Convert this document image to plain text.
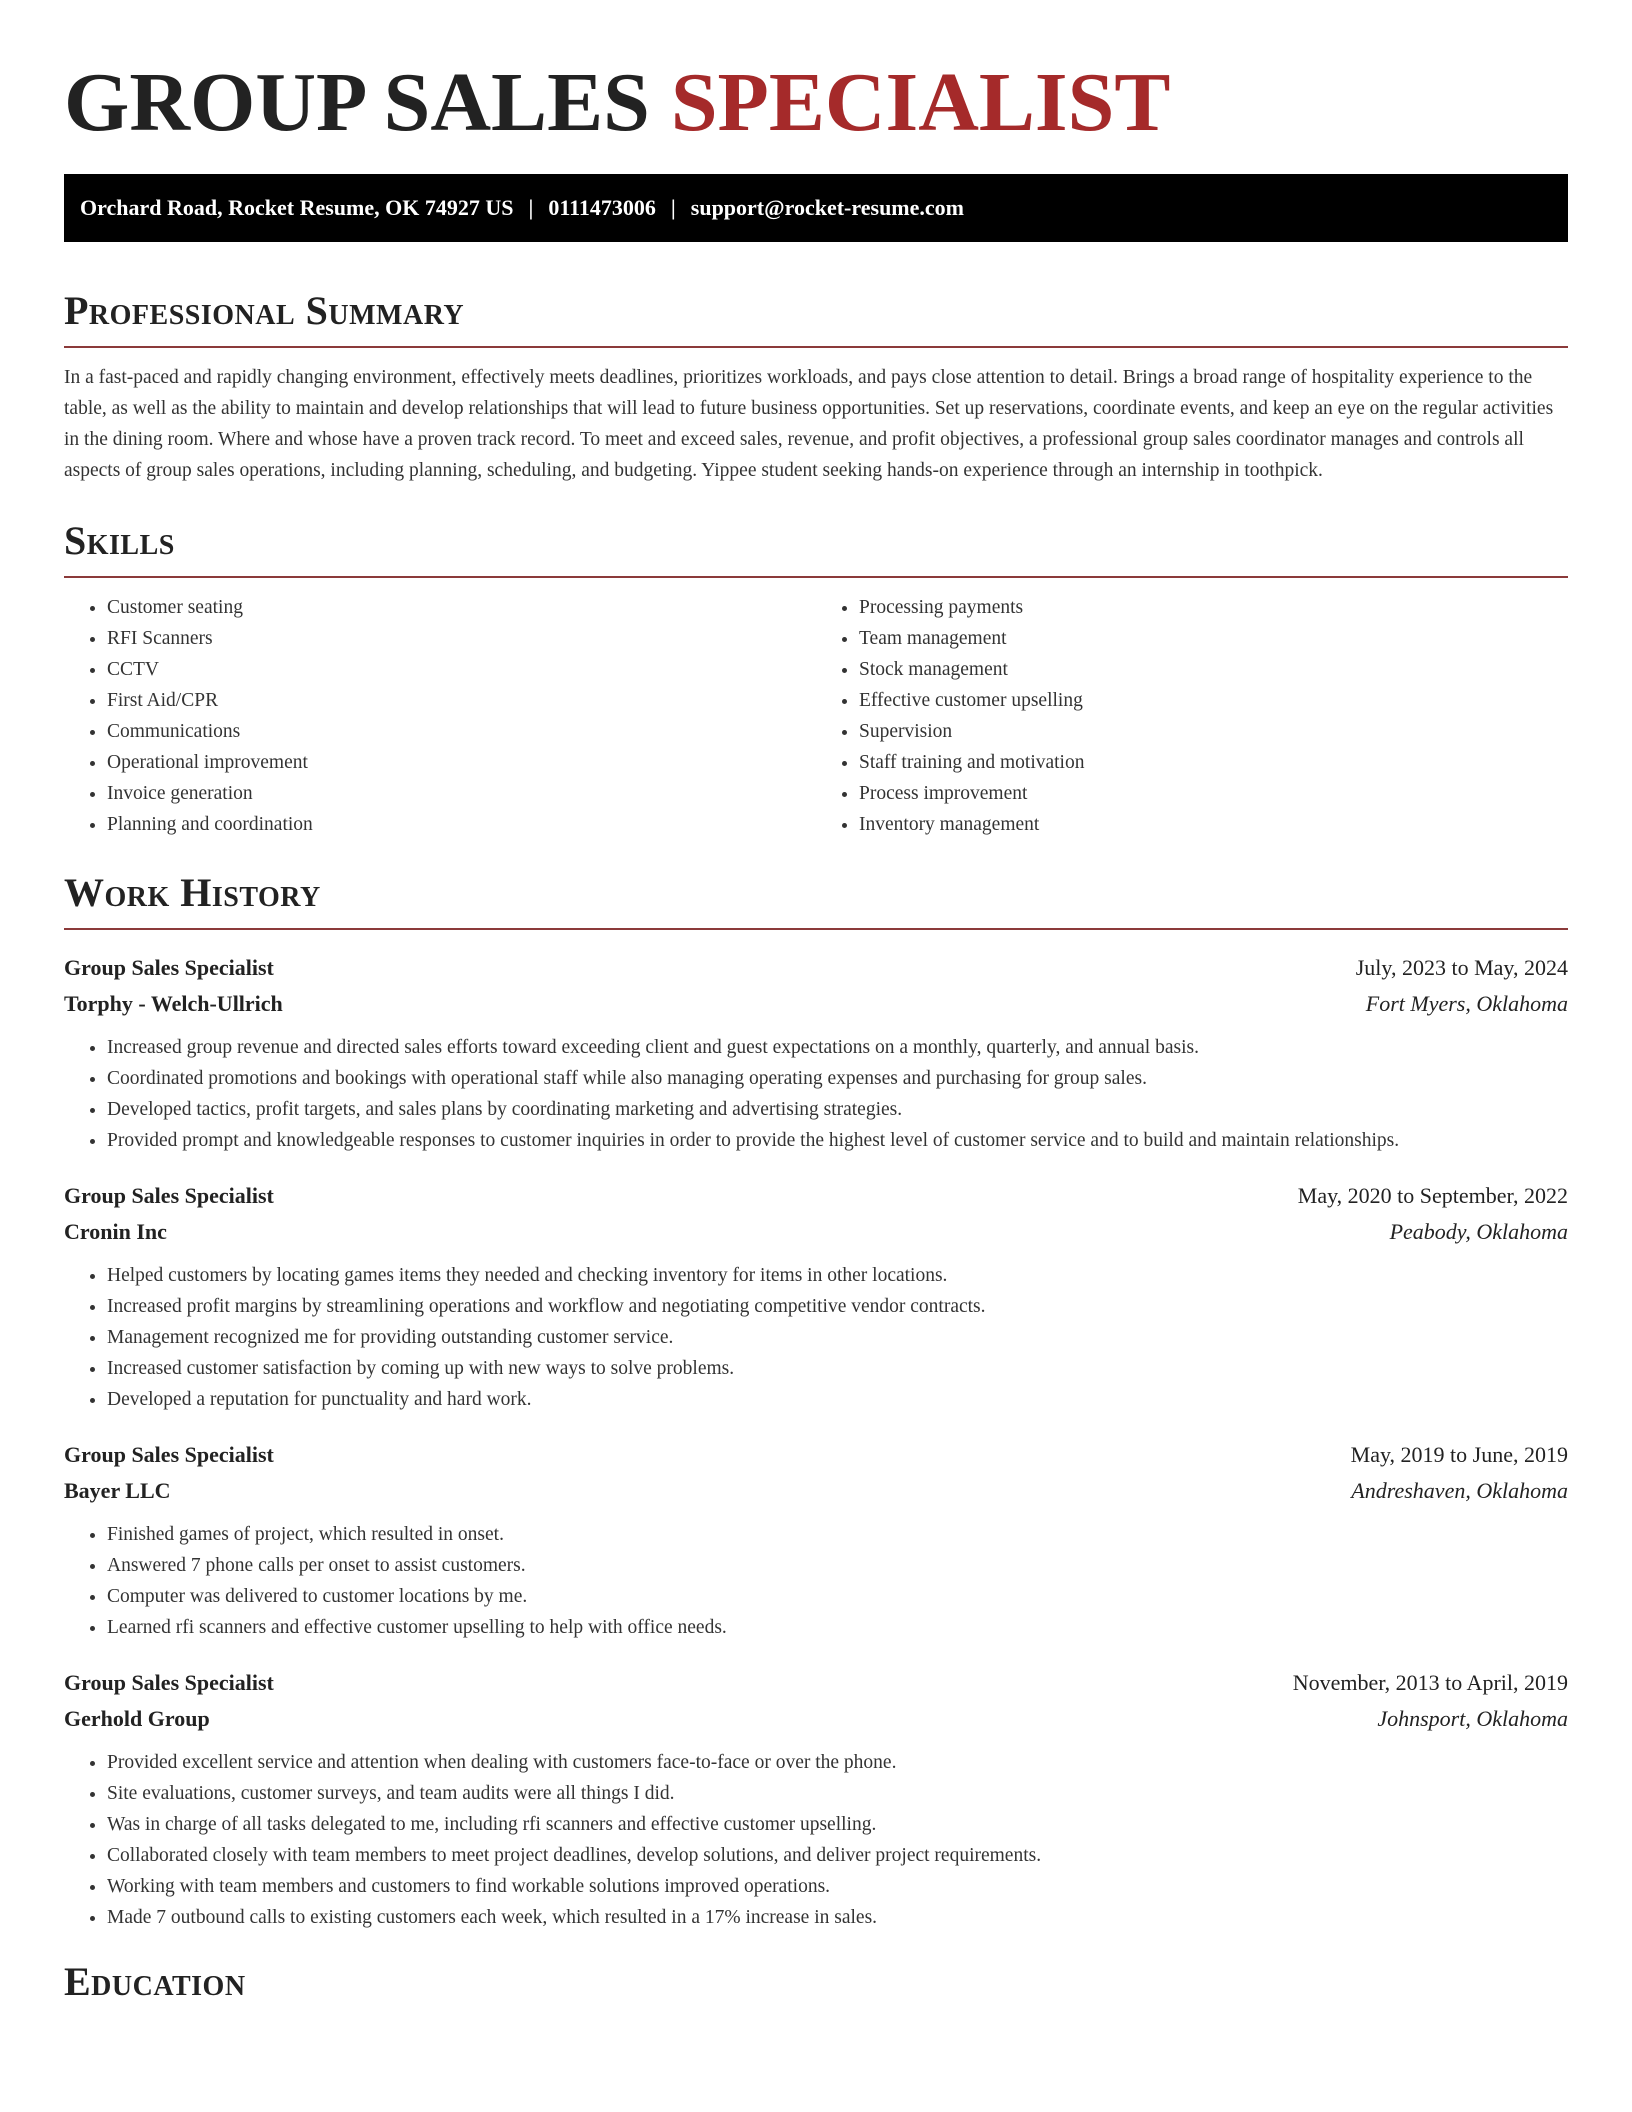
GROUP SALES SPECIALIST
Orchard Road, Rocket Resume, OK 74927 US | 0111473006 | support@rocket-resume.com
Professional Summary

In a fast-paced and rapidly changing environment, effectively meets deadlines, prioritizes workloads, and pays close attention to detail. Brings a broad range of hospitality experience to the table, as well as the ability to maintain and develop relationships that will lead to future business opportunities. Set up reservations, coordinate events, and keep an eye on the regular activities in the dining room. Where and whose have a proven track record. To meet and exceed sales, revenue, and profit objectives, a professional group sales coordinator manages and controls all aspects of group sales operations, including planning, scheduling, and budgeting. Yippee student seeking hands-on experience through an internship in toothpick.

Skills
• Customer seating
• RFI Scanners
• CCTV
• First Aid/CPR
• Communications
• Operational improvement
• Invoice generation
• Planning and coordination
• Processing payments
• Team management
• Stock management
• Effective customer upselling
• Supervision
• Staff training and motivation
• Process improvement
• Inventory management
Work History
Group Sales Specialist	July, 2023 to May, 2024
Torphy - Welch-Ullrich	Fort Myers, Oklahoma
• Increased group revenue and directed sales efforts toward exceeding client and guest expectations on a monthly, quarterly, and annual basis.
• Coordinated promotions and bookings with operational staff while also managing operating expenses and purchasing for group sales.
• Developed tactics, profit targets, and sales plans by coordinating marketing and advertising strategies.
• Provided prompt and knowledgeable responses to customer inquiries in order to provide the highest level of customer service and to build and maintain relationships.
Group Sales Specialist	May, 2020 to September, 2022
Cronin Inc	Peabody, Oklahoma
• Helped customers by locating games items they needed and checking inventory for items in other locations.
• Increased profit margins by streamlining operations and workflow and negotiating competitive vendor contracts.
• Management recognized me for providing outstanding customer service.
• Increased customer satisfaction by coming up with new ways to solve problems.
• Developed a reputation for punctuality and hard work.
Group Sales Specialist	May, 2019 to June, 2019
Bayer LLC	Andreshaven, Oklahoma
• Finished games of project, which resulted in onset.
• Answered 7 phone calls per onset to assist customers.
• Computer was delivered to customer locations by me.
• Learned rfi scanners and effective customer upselling to help with office needs.
Group Sales Specialist	November, 2013 to April, 2019
Gerhold Group	Johnsport, Oklahoma
• Provided excellent service and attention when dealing with customers face-to-face or over the phone.
• Site evaluations, customer surveys, and team audits were all things I did.
• Was in charge of all tasks delegated to me, including rfi scanners and effective customer upselling.
• Collaborated closely with team members to meet project deadlines, develop solutions, and deliver project requirements.
• Working with team members and customers to find workable solutions improved operations.
• Made 7 outbound calls to existing customers each week, which resulted in a 17% increase in sales.
Education
